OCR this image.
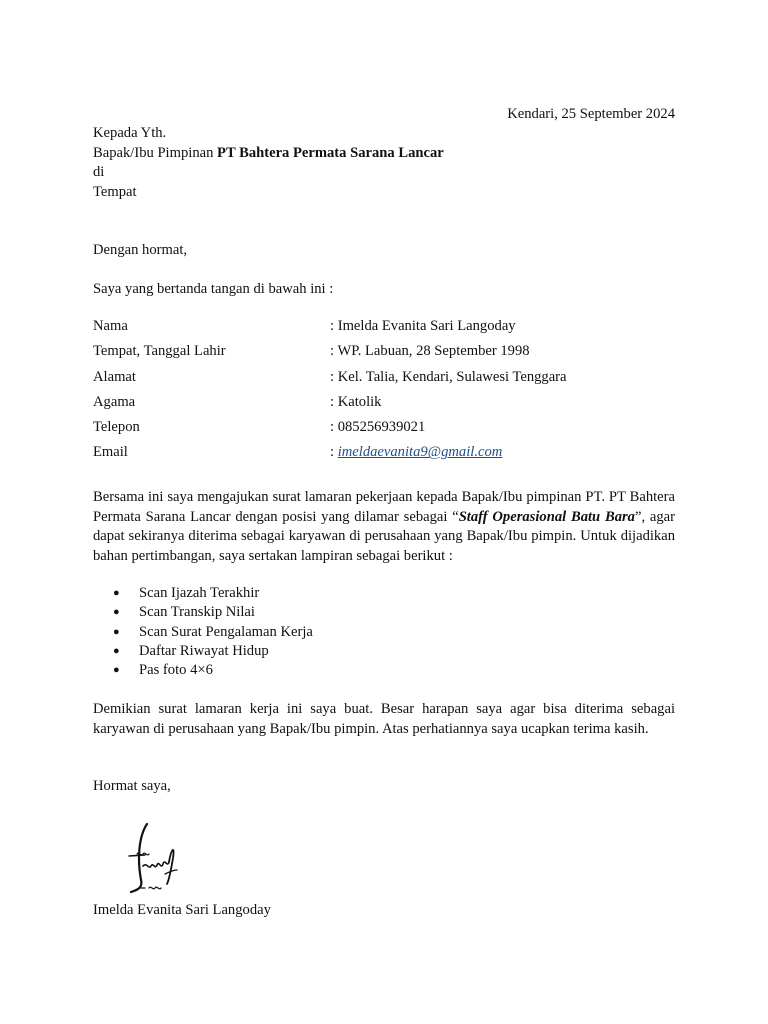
Kendari, 25 September 2024
Kepada Yth.
Bapak/Ibu Pimpinan PT Bahtera Permata Sarana Lancar
di
Tempat
Dengan hormat,
Saya yang bertanda tangan di bawah ini :
Nama	: Imelda Evanita Sari Langoday
Tempat, Tanggal Lahir	: WP. Labuan, 28 September 1998
Alamat	: Kel. Talia, Kendari, Sulawesi Tenggara
Agama	: Katolik
Telepon	: 085256939021
Email	: imeldaevanita9@gmail.com
Bersama ini saya mengajukan surat lamaran pekerjaan kepada Bapak/Ibu pimpinan PT. PT Bahtera Permata Sarana Lancar dengan posisi yang dilamar sebagai “Staff Operasional Batu Bara”, agar dapat sekiranya diterima sebagai karyawan di perusahaan yang Bapak/Ibu pimpin. Untuk dijadikan bahan pertimbangan, saya sertakan lampiran sebagai berikut :
●	Scan Ijazah Terakhir
●	Scan Transkip Nilai
●	Scan Surat Pengalaman Kerja
●	Daftar Riwayat Hidup
●	Pas foto 4×6
Demikian surat lamaran kerja ini saya buat. Besar harapan saya agar bisa diterima sebagai karyawan di perusahaan yang Bapak/Ibu pimpin. Atas perhatiannya saya ucapkan terima kasih.
Hormat saya,
Imelda Evanita Sari Langoday
